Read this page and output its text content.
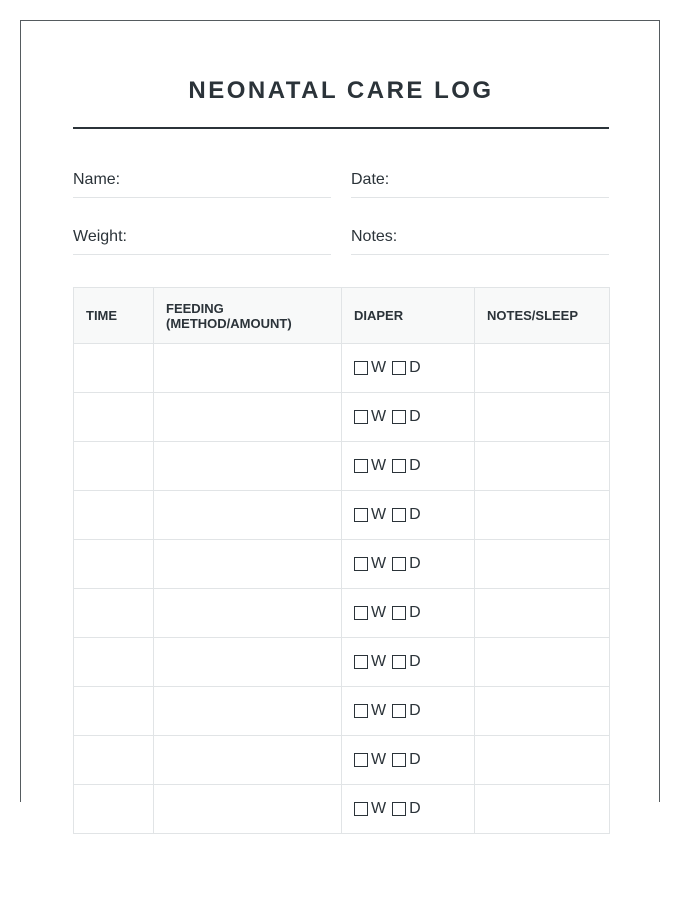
NEONATAL CARE LOG
Name:	Date:
Weight:	Notes:
TIME	FEEDING (METHOD/AMOUNT)	DIAPER	NOTES/SLEEP

		W D	

		W D	

		W D	

		W D	

		W D	

		W D	

		W D	

		W D	

		W D	

		W D	
